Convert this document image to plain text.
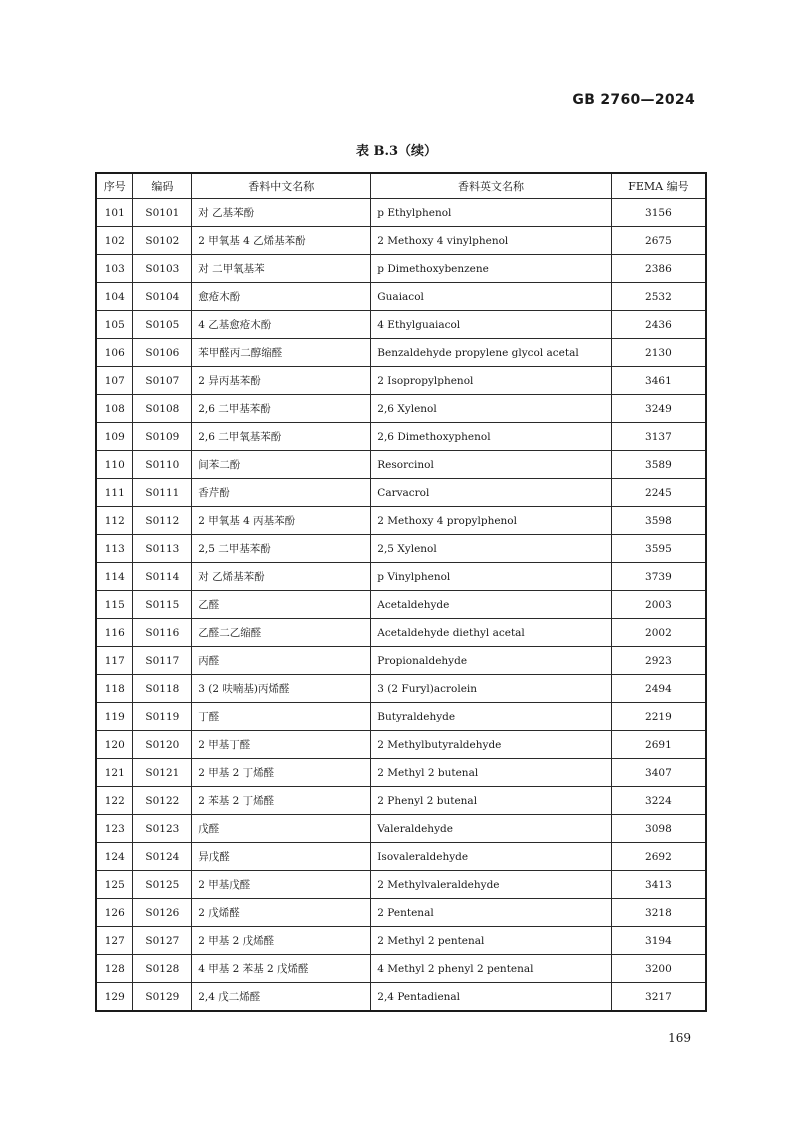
GB 2760—2024
表 B.3（续）
序号	编码	香料中文名称	香料英文名称	FEMA 编号
101	S0101	对 乙基苯酚	p Ethylphenol	3156
102	S0102	2 甲氧基 4 乙烯基苯酚	2 Methoxy 4 vinylphenol	2675
103	S0103	对 二甲氧基苯	p Dimethoxybenzene	2386
104	S0104	愈疮木酚	Guaiacol	2532
105	S0105	4 乙基愈疮木酚	4 Ethylguaiacol	2436
106	S0106	苯甲醛丙二醇缩醛	Benzaldehyde propylene glycol acetal	2130
107	S0107	2 异丙基苯酚	2 Isopropylphenol	3461
108	S0108	2,6 二甲基苯酚	2,6 Xylenol	3249
109	S0109	2,6 二甲氧基苯酚	2,6 Dimethoxyphenol	3137
110	S0110	间苯二酚	Resorcinol	3589
111	S0111	香芹酚	Carvacrol	2245
112	S0112	2 甲氧基 4 丙基苯酚	2 Methoxy 4 propylphenol	3598
113	S0113	2,5 二甲基苯酚	2,5 Xylenol	3595
114	S0114	对 乙烯基苯酚	p Vinylphenol	3739
115	S0115	乙醛	Acetaldehyde	2003
116	S0116	乙醛二乙缩醛	Acetaldehyde diethyl acetal	2002
117	S0117	丙醛	Propionaldehyde	2923
118	S0118	3 (2 呋喃基)丙烯醛	3 (2 Furyl)acrolein	2494
119	S0119	丁醛	Butyraldehyde	2219
120	S0120	2 甲基丁醛	2 Methylbutyraldehyde	2691
121	S0121	2 甲基 2 丁烯醛	2 Methyl 2 butenal	3407
122	S0122	2 苯基 2 丁烯醛	2 Phenyl 2 butenal	3224
123	S0123	戊醛	Valeraldehyde	3098
124	S0124	异戊醛	Isovaleraldehyde	2692
125	S0125	2 甲基戊醛	2 Methylvaleraldehyde	3413
126	S0126	2 戊烯醛	2 Pentenal	3218
127	S0127	2 甲基 2 戊烯醛	2 Methyl 2 pentenal	3194
128	S0128	4 甲基 2 苯基 2 戊烯醛	4 Methyl 2 phenyl 2 pentenal	3200
129	S0129	2,4 戊二烯醛	2,4 Pentadienal	3217
169
